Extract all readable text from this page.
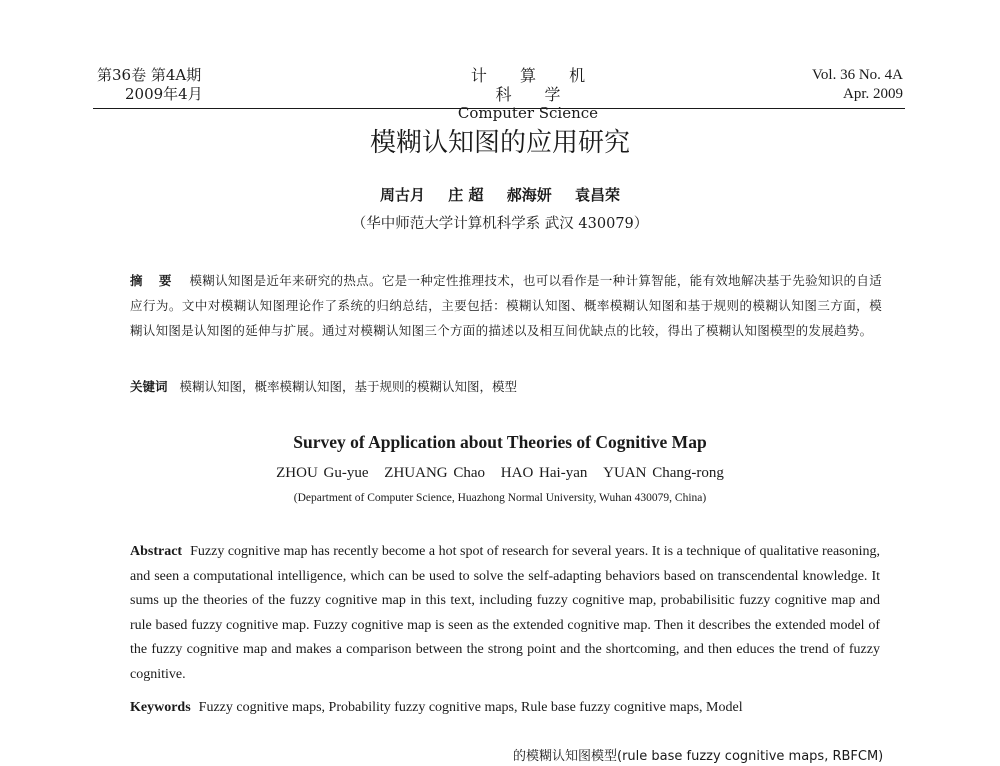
第36卷 第4A期
2009年4月
计 算 机 科 学
Computer Science
Vol. 36 No. 4A
Apr. 2009
模糊认知图的应用研究
周古月 庄 超 郝海妍 袁昌荣
（华中师范大学计算机科学系 武汉 430079）
摘 要 模糊认知图是近年来研究的热点。它是一种定性推理技术，也可以看作是一种计算智能，能有效地解决基于先验知识的自适应行为。文中对模糊认知图理论作了系统的归纳总结，主要包括：模糊认知图、概率模糊认知图和基于规则的模糊认知图三方面，模糊认知图是认知图的延伸与扩展。通过对模糊认知图三个方面的描述以及相互间优缺点的比较，得出了模糊认知图模型的发展趋势。
关键词 模糊认知图，概率模糊认知图，基于规则的模糊认知图，模型
Survey of Application about Theories of Cognitive Map
ZHOU Gu-yue ZHUANG Chao HAO Hai-yan YUAN Chang-rong
(Department of Computer Science, Huazhong Normal University, Wuhan 430079, China)
Abstract Fuzzy cognitive map has recently become a hot spot of research for several years. It is a technique of qualitative reasoning, and seen a computational intelligence, which can be used to solve the self-adapting behaviors based on transcendental knowledge. It sums up the theories of the fuzzy cognitive map in this text, including fuzzy cognitive map, probabilisitic fuzzy cognitive map and rule based fuzzy cognitive map. Fuzzy cognitive map is seen as the extended cognitive map. Then it describes the extended model of the fuzzy cognitive map and makes a comparison between the strong point and the shortcoming, and then educes the trend of fuzzy cognitive.
Keywords Fuzzy cognitive maps, Probability fuzzy cognitive maps, Rule base fuzzy cognitive maps, Model
的模糊认知图模型(rule base fuzzy cognitive maps, RBFCM)
